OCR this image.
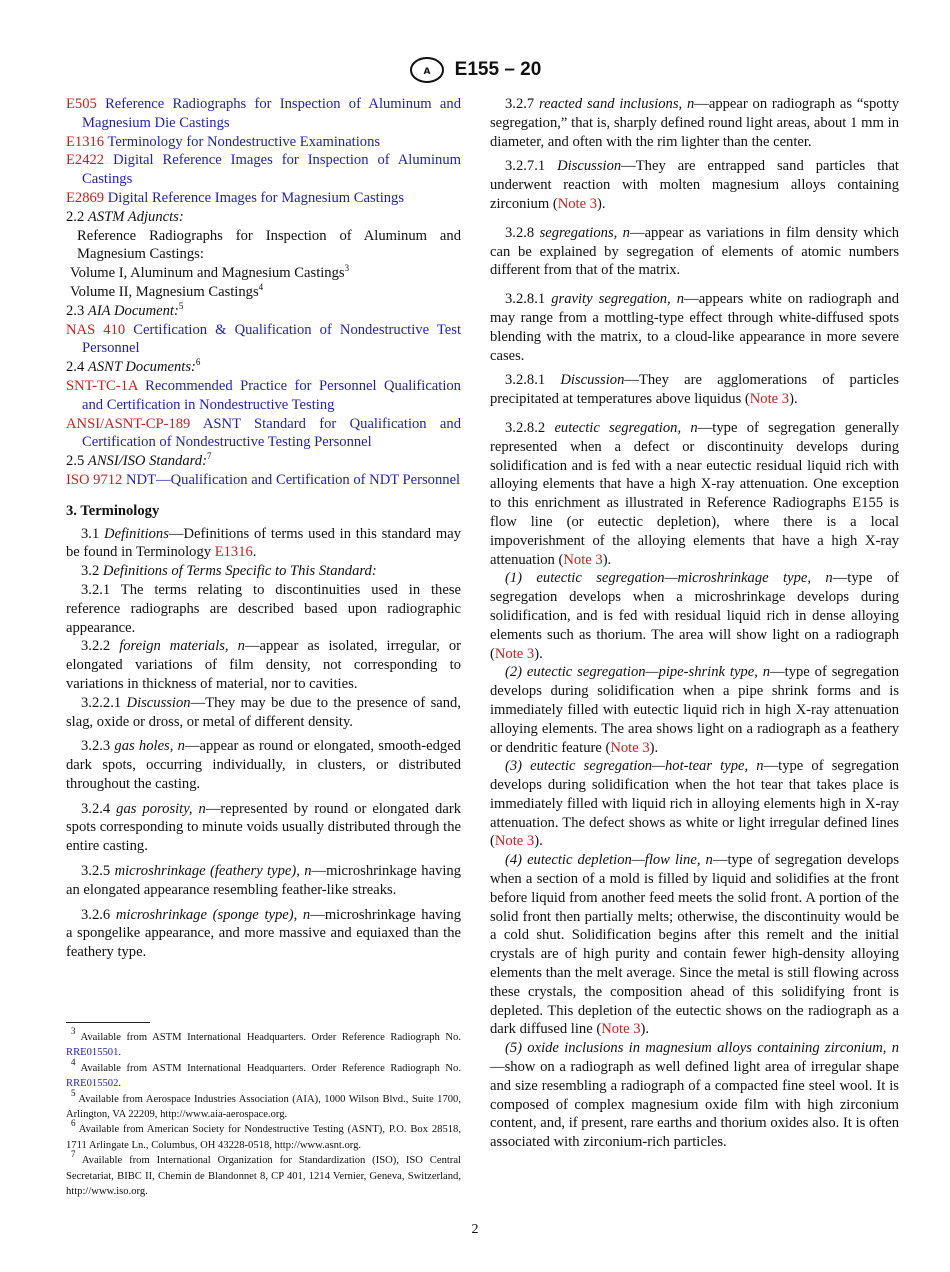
A E155 – 20

E505 Reference Radiographs for Inspection of Aluminum and Magnesium Die Castings

E1316 Terminology for Nondestructive Examinations

E2422 Digital Reference Images for Inspection of Aluminum Castings

E2869 Digital Reference Images for Magnesium Castings

2.2 ASTM Adjuncts:

Reference Radiographs for Inspection of Aluminum and Magnesium Castings:

Volume I, Aluminum and Magnesium Castings$^3$

Volume II, Magnesium Castings$^4$

2.3 AIA Document:$^5$

NAS 410 Certification & Qualification of Nondestructive Test Personnel

2.4 ASNT Documents:$^6$

SNT-TC-1A Recommended Practice for Personnel Qualification and Certification in Nondestructive Testing

ANSI/ASNT-CP-189 ASNT Standard for Qualification and Certification of Nondestructive Testing Personnel

2.5 ANSI/ISO Standard:$^7$

ISO 9712 NDT—Qualification and Certification of NDT Personnel

3. Terminology

3.1 Definitions—Definitions of terms used in this standard may be found in Terminology E1316.

3.2 Definitions of Terms Specific to This Standard:

3.2.1 The terms relating to discontinuities used in these reference radiographs are described based upon radiographic appearance.

3.2.2 foreign materials, n—appear as isolated, irregular, or elongated variations of film density, not corresponding to variations in thickness of material, nor to cavities.

3.2.2.1 Discussion—They may be due to the presence of sand, slag, oxide or dross, or metal of different density.

3.2.3 gas holes, n—appear as round or elongated, smooth-edged dark spots, occurring individually, in clusters, or distributed throughout the casting.

3.2.4 gas porosity, n—represented by round or elongated dark spots corresponding to minute voids usually distributed through the entire casting.

3.2.5 microshrinkage (feathery type), n—microshrinkage having an elongated appearance resembling feather-like streaks.

3.2.6 microshrinkage (sponge type), n—microshrinkage having a spongelike appearance, and more massive and equiaxed than the feathery type.

$^3$ Available from ASTM International Headquarters. Order Reference Radiograph No. RRE015501.

$^4$ Available from ASTM International Headquarters. Order Reference Radiograph No. RRE015502.

$^5$ Available from Aerospace Industries Association (AIA), 1000 Wilson Blvd., Suite 1700, Arlington, VA 22209, http://www.aia-aerospace.org.

$^6$ Available from American Society for Nondestructive Testing (ASNT), P.O. Box 28518, 1711 Arlingate Ln., Columbus, OH 43228-0518, http://www.asnt.org.

$^7$ Available from International Organization for Standardization (ISO), ISO Central Secretariat, BIBC II, Chemin de Blandonnet 8, CP 401, 1214 Vernier, Geneva, Switzerland, http://www.iso.org.

3.2.7 reacted sand inclusions, n—appear on radiograph as “spotty segregation,” that is, sharply defined round light areas, about 1 mm in diameter, and often with the rim lighter than the center.

3.2.7.1 Discussion—They are entrapped sand particles that underwent reaction with molten magnesium alloys containing zirconium (Note 3).

3.2.8 segregations, n—appear as variations in film density which can be explained by segregation of elements of atomic numbers different from that of the matrix.

3.2.8.1 gravity segregation, n—appears white on radiograph and may range from a mottling-type effect through white-diffused spots blending with the matrix, to a cloud-like appearance in more severe cases.

3.2.8.1 Discussion—They are agglomerations of particles precipitated at temperatures above liquidus (Note 3).

3.2.8.2 eutectic segregation, n—type of segregation generally represented when a defect or discontinuity develops during solidification and is fed with a near eutectic residual liquid rich with alloying elements that have a high X-ray attenuation. One exception to this enrichment as illustrated in Reference Radiographs E155 is flow line (or eutectic depletion), where there is a local impoverishment of the alloying elements that have a high X-ray attenuation (Note 3).

(1) eutectic segregation—microshrinkage type, n—type of segregation develops when a microshrinkage develops during solidification, and is fed with residual liquid rich in dense alloying elements such as thorium. The area will show light on a radiograph (Note 3).

(2) eutectic segregation—pipe-shrink type, n—type of segregation develops during solidification when a pipe shrink forms and is immediately filled with eutectic liquid rich in high X-ray attenuation alloying elements. The area shows light on a radiograph as a feathery or dendritic feature (Note 3).

(3) eutectic segregation—hot-tear type, n—type of segregation develops during solidification when the hot tear that takes place is immediately filled with liquid rich in alloying elements high in X-ray attenuation. The defect shows as white or light irregular defined lines (Note 3).

(4) eutectic depletion—flow line, n—type of segregation develops when a section of a mold is filled by liquid and solidifies at the front before liquid from another feed meets the solid front. A portion of the solid front then partially melts; otherwise, the discontinuity would be a cold shut. Solidification begins after this remelt and the initial crystals are of high purity and contain fewer high-density alloying elements than the melt average. Since the metal is still flowing across these crystals, the composition ahead of this solidifying front is depleted. This depletion of the eutectic shows on the radiograph as a dark diffused line (Note 3).

(5) oxide inclusions in magnesium alloys containing zirconium, n—show on a radiograph as well defined light area of irregular shape and size resembling a radiograph of a compacted fine steel wool. It is composed of complex magnesium oxide film with high zirconium content, and, if present, rare earths and thorium oxides also. It is often associated with zirconium-rich particles.

2
